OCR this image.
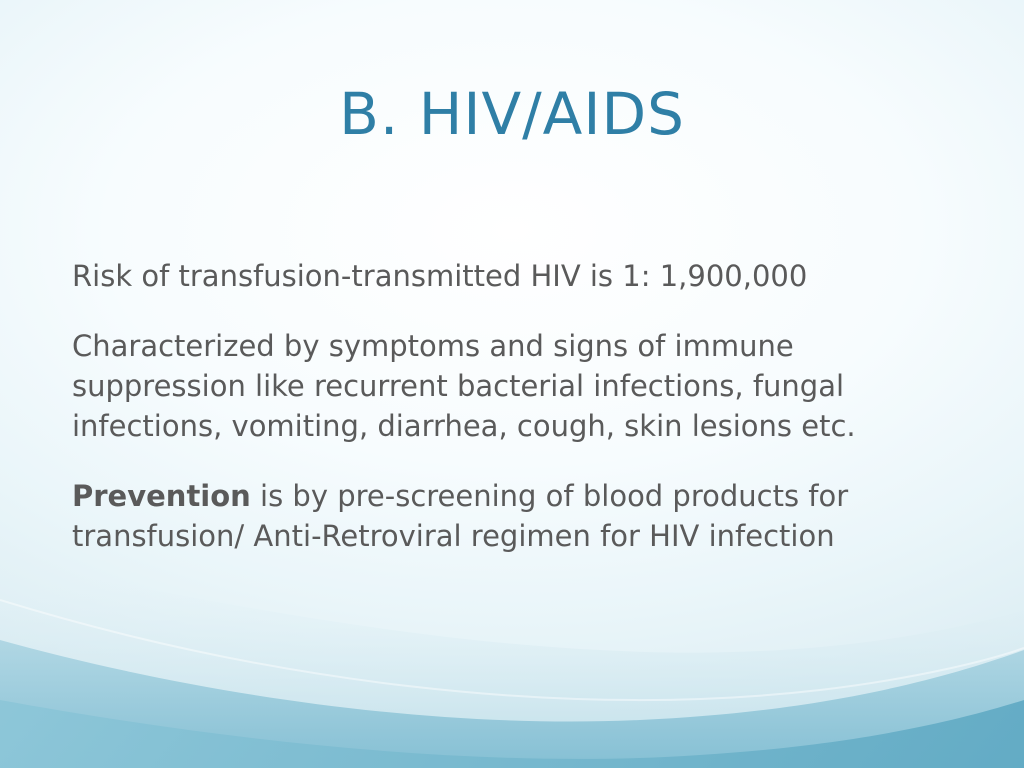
B. HIV/AIDS

Risk of transfusion-transmitted HIV is 1: 1,900,000

Characterized by symptoms and signs of immune suppression like recurrent bacterial infections, fungal infections, vomiting, diarrhea, cough, skin lesions etc.

Prevention is by pre-screening of blood products for transfusion/ Anti-Retroviral regimen for HIV infection
